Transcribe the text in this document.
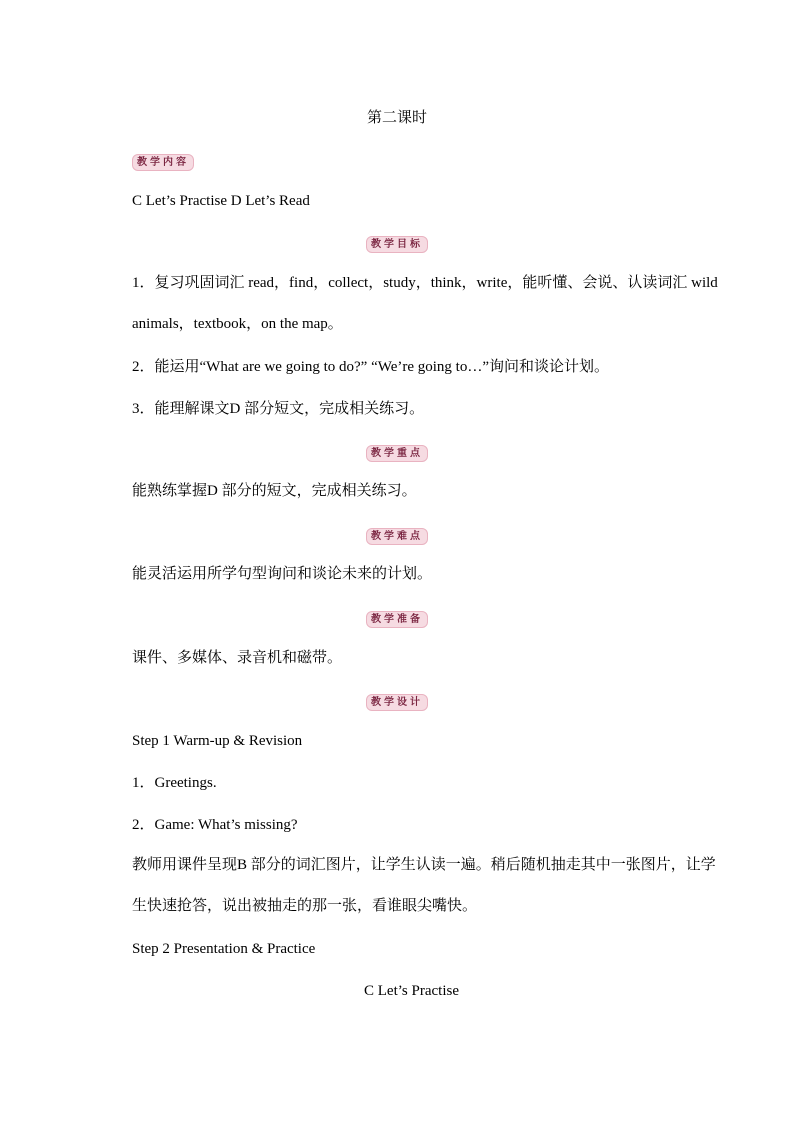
第二课时
教学内容
C Let’s Practise D Let’s Read
教学目标
1．复习巩固词汇 read，find，collect，study，think，write，能听懂、会说、认读词汇 wild animals，textbook，on the map。
2．能运用“What are we going to do?” “We’re going to…”询问和谈论计划。
3．能理解课文D 部分短文，完成相关练习。
教学重点
能熟练掌握D 部分的短文，完成相关练习。
教学难点
能灵活运用所学句型询问和谈论未来的计划。
教学准备
课件、多媒体、录音机和磁带。
教学设计
Step 1 Warm-up & Revision
1．Greetings.
2．Game: What’s missing?
教师用课件呈现B 部分的词汇图片，让学生认读一遍。稍后随机抽走其中一张图片，让学生快速抢答，说出被抽走的那一张，看谁眼尖嘴快。
Step 2 Presentation & Practice
C Let’s Practise
